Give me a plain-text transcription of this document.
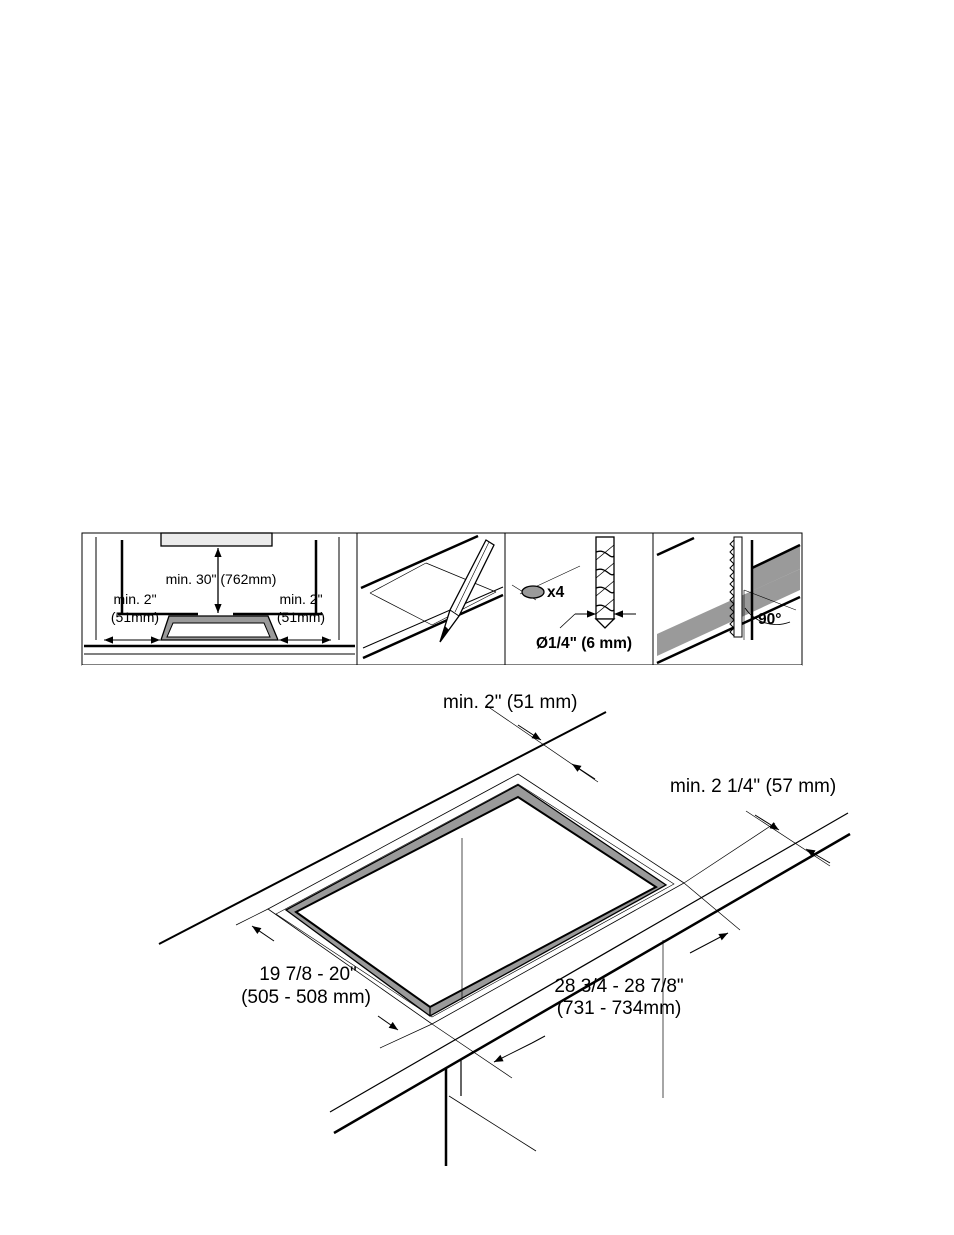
min. 30" (762mm)
min. 2"
(51mm)
min. 2"
(51mm)
x4
Ø1/4" (6 mm)
90°
min. 2" (51 mm)
min. 2 1/4" (57 mm)
19 7/8 - 20"
(505 - 508 mm)
28 3/4 - 28 7/8"
(731 - 734mm)
